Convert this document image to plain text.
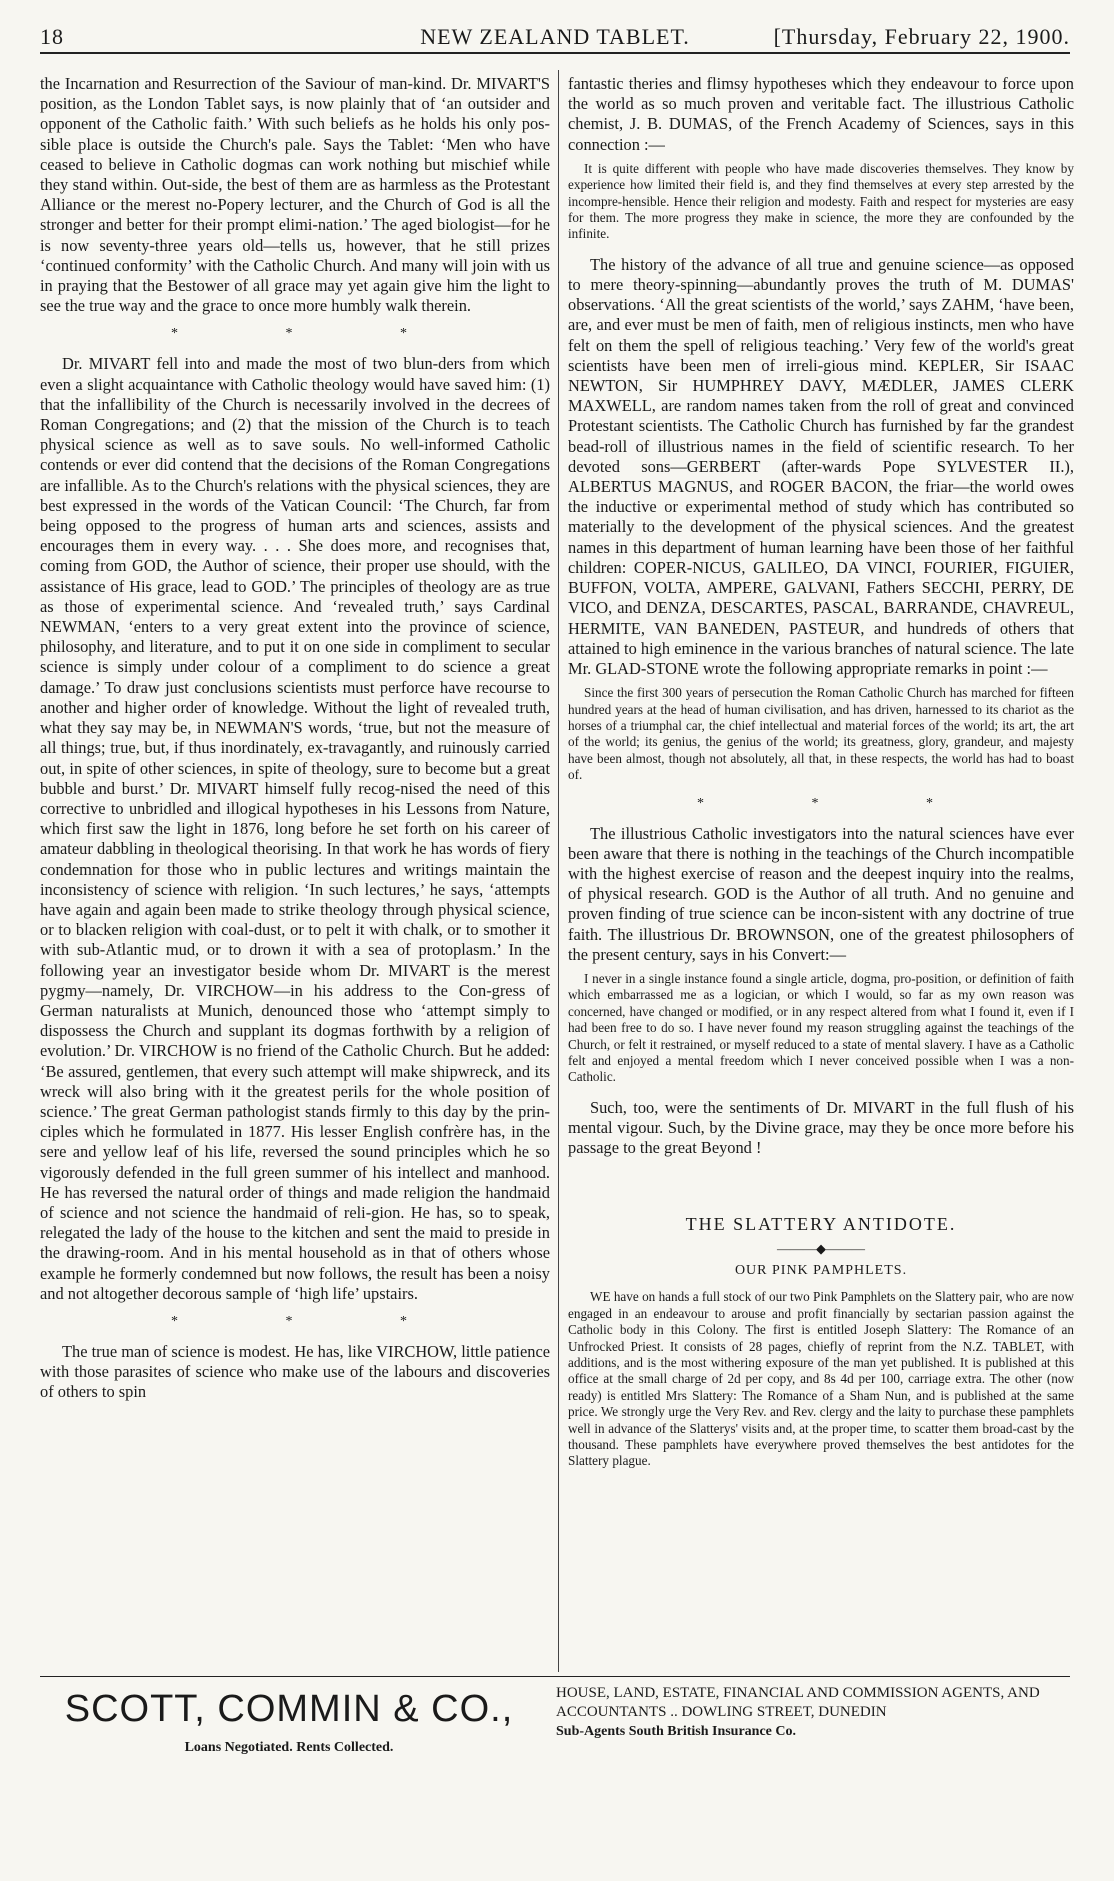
18	NEW ZEALAND TABLET.	[Thursday, February 22, 1900.

the Incarnation and Resurrection of the Saviour of man-kind. Dr. MIVART'S position, as the London Tablet says, is now plainly that of ‘an outsider and opponent of the Catholic faith.’ With such beliefs as he holds his only pos-sible place is outside the Church's pale. Says the Tablet: ‘Men who have ceased to believe in Catholic dogmas can work nothing but mischief while they stand within. Out-side, the best of them are as harmless as the Protestant Alliance or the merest no-Popery lecturer, and the Church of God is all the stronger and better for their prompt elimi-nation.’ The aged biologist—for he is now seventy-three years old—tells us, however, that he still prizes ‘continued conformity’ with the Catholic Church. And many will join with us in praying that the Bestower of all grace may yet again give him the light to see the true way and the grace to once more humbly walk therein.

* * *

Dr. MIVART fell into and made the most of two blun-ders from which even a slight acquaintance with Catholic theology would have saved him: (1) that the infallibility of the Church is necessarily involved in the decrees of Roman Congregations; and (2) that the mission of the Church is to teach physical science as well as to save souls. No well-informed Catholic contends or ever did contend that the decisions of the Roman Congregations are infallible. As to the Church's relations with the physical sciences, they are best expressed in the words of the Vatican Council: ‘The Church, far from being opposed to the progress of human arts and sciences, assists and encourages them in every way. . . . She does more, and recognises that, coming from GOD, the Author of science, their proper use should, with the assistance of His grace, lead to GOD.’ The principles of theology are as true as those of experimental science. And ‘revealed truth,’ says Cardinal NEWMAN, ‘enters to a very great extent into the province of science, philosophy, and literature, and to put it on one side in compliment to secular science is simply under colour of a compliment to do science a great damage.’ To draw just conclusions scientists must perforce have recourse to another and higher order of knowledge. Without the light of revealed truth, what they say may be, in NEWMAN'S words, ‘true, but not the measure of all things; true, but, if thus inordinately, ex-travagantly, and ruinously carried out, in spite of other sciences, in spite of theology, sure to become but a great bubble and burst.’ Dr. MIVART himself fully recog-nised the need of this corrective to unbridled and illogical hypotheses in his Lessons from Nature, which first saw the light in 1876, long before he set forth on his career of amateur dabbling in theological theorising. In that work he has words of fiery condemnation for those who in public lectures and writings maintain the inconsistency of science with religion. ‘In such lectures,’ he says, ‘attempts have again and again been made to strike theology through physical science, or to blacken religion with coal-dust, or to pelt it with chalk, or to smother it with sub-Atlantic mud, or to drown it with a sea of protoplasm.’ In the following year an investigator beside whom Dr. MIVART is the merest pygmy—namely, Dr. VIRCHOW—in his address to the Con-gress of German naturalists at Munich, denounced those who ‘attempt simply to dispossess the Church and supplant its dogmas forthwith by a religion of evolution.’ Dr. VIRCHOW is no friend of the Catholic Church. But he added: ‘Be assured, gentlemen, that every such attempt will make shipwreck, and its wreck will also bring with it the greatest perils for the whole position of science.’ The great German pathologist stands firmly to this day by the prin-ciples which he formulated in 1877. His lesser English confrère has, in the sere and yellow leaf of his life, reversed the sound principles which he so vigorously defended in the full green summer of his intellect and manhood. He has reversed the natural order of things and made religion the handmaid of science and not science the handmaid of reli-gion. He has, so to speak, relegated the lady of the house to the kitchen and sent the maid to preside in the drawing-room. And in his mental household as in that of others whose example he formerly condemned but now follows, the result has been a noisy and not altogether decorous sample of ‘high life’ upstairs.

* * *

The true man of science is modest. He has, like VIRCHOW, little patience with those parasites of science who make use of the labours and discoveries of others to spin

fantastic theries and flimsy hypotheses which they endeavour to force upon the world as so much proven and veritable fact. The illustrious Catholic chemist, J. B. DUMAS, of the French Academy of Sciences, says in this connection :—

It is quite different with people who have made discoveries themselves. They know by experience how limited their field is, and they find themselves at every step arrested by the incompre-hensible. Hence their religion and modesty. Faith and respect for mysteries are easy for them. The more progress they make in science, the more they are confounded by the infinite.

The history of the advance of all true and genuine science—as opposed to mere theory-spinning—abundantly proves the truth of M. DUMAS' observations. ‘All the great scientists of the world,’ says ZAHM, ‘have been, are, and ever must be men of faith, men of religious instincts, men who have felt on them the spell of religious teaching.’ Very few of the world's great scientists have been men of irreli-gious mind. KEPLER, Sir ISAAC NEWTON, Sir HUMPHREY DAVY, MÆDLER, JAMES CLERK MAXWELL, are random names taken from the roll of great and convinced Protestant scientists. The Catholic Church has furnished by far the grandest bead-roll of illustrious names in the field of scientific research. To her devoted sons—GERBERT (after-wards Pope SYLVESTER II.), ALBERTUS MAGNUS, and ROGER BACON, the friar—the world owes the inductive or experimental method of study which has contributed so materially to the development of the physical sciences. And the greatest names in this department of human learning have been those of her faithful children: COPER-NICUS, GALILEO, DA VINCI, FOURIER, FIGUIER, BUFFON, VOLTA, AMPERE, GALVANI, Fathers SECCHI, PERRY, DE VICO, and DENZA, DESCARTES, PASCAL, BARRANDE, CHAVREUL, HERMITE, VAN BANEDEN, PASTEUR, and hundreds of others that attained to high eminence in the various branches of natural science. The late Mr. GLAD-STONE wrote the following appropriate remarks in point :—

Since the first 300 years of persecution the Roman Catholic Church has marched for fifteen hundred years at the head of human civilisation, and has driven, harnessed to its chariot as the horses of a triumphal car, the chief intellectual and material forces of the world; its art, the art of the world; its genius, the genius of the world; its greatness, glory, grandeur, and majesty have been almost, though not absolutely, all that, in these respects, the world has had to boast of.

* * *

The illustrious Catholic investigators into the natural sciences have ever been aware that there is nothing in the teachings of the Church incompatible with the highest exercise of reason and the deepest inquiry into the realms, of physical research. GOD is the Author of all truth. And no genuine and proven finding of true science can be incon-sistent with any doctrine of true faith. The illustrious Dr. BROWNSON, one of the greatest philosophers of the present century, says in his Convert:—

I never in a single instance found a single article, dogma, pro-position, or definition of faith which embarrassed me as a logician, or which I would, so far as my own reason was concerned, have changed or modified, or in any respect altered from what I found it, even if I had been free to do so. I have never found my reason struggling against the teachings of the Church, or felt it restrained, or myself reduced to a state of mental slavery. I have as a Catholic felt and enjoyed a mental freedom which I never conceived possible when I was a non-Catholic.

Such, too, were the sentiments of Dr. MIVART in the full flush of his mental vigour. Such, by the Divine grace, may they be once more before his passage to the great Beyond !

THE SLATTERY ANTIDOTE.
———◆———
OUR PINK PAMPHLETS.

WE have on hands a full stock of our two Pink Pamphlets on the Slattery pair, who are now engaged in an endeavour to arouse and profit financially by sectarian passion against the Catholic body in this Colony. The first is entitled Joseph Slattery: The Romance of an Unfrocked Priest. It consists of 28 pages, chiefly of reprint from the N.Z. TABLET, with additions, and is the most withering exposure of the man yet published. It is published at this office at the small charge of 2d per copy, and 8s 4d per 100, carriage extra. The other (now ready) is entitled Mrs Slattery: The Romance of a Sham Nun, and is published at the same price. We strongly urge the Very Rev. and Rev. clergy and the laity to purchase these pamphlets well in advance of the Slatterys' visits and, at the proper time, to scatter them broad-cast by the thousand. These pamphlets have everywhere proved themselves the best antidotes for the Slattery plague.

SCOTT, COMMIN & CO.,
Loans Negotiated. Rents Collected.
HOUSE, LAND, ESTATE, FINANCIAL AND COMMISSION AGENTS, AND
ACCOUNTANTS .. DOWLING STREET, DUNEDIN
Sub-Agents South British Insurance Co.
